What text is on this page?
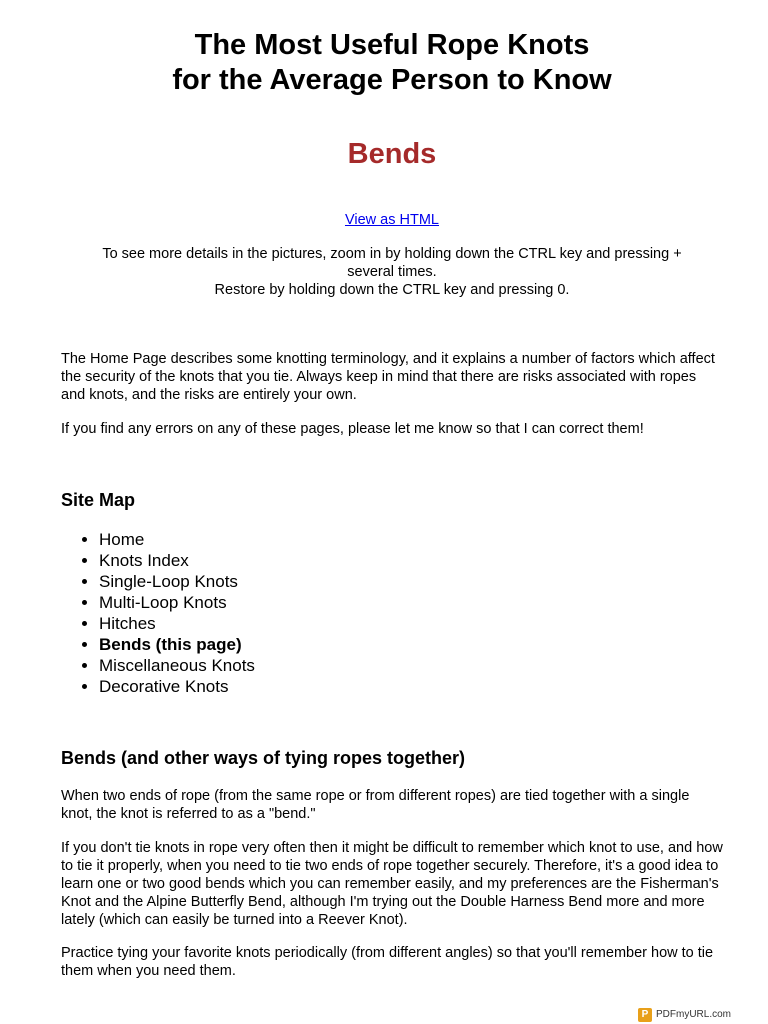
The Most Useful Rope Knots
for the Average Person to Know
Bends
View as HTML

To see more details in the pictures, zoom in by holding down the CTRL key and pressing +
several times.
Restore by holding down the CTRL key and pressing 0.

The Home Page describes some knotting terminology, and it explains a number of factors which affect the security of the knots that you tie. Always keep in mind that there are risks associated with ropes and knots, and the risks are entirely your own.

If you find any errors on any of these pages, please let me know so that I can correct them!

Site Map
• Home
• Knots Index
• Single-Loop Knots
• Multi-Loop Knots
• Hitches
• Bends (this page)
• Miscellaneous Knots
• Decorative Knots
Bends (and other ways of tying ropes together)

When two ends of rope (from the same rope or from different ropes) are tied together with a single knot, the knot is referred to as a "bend."

If you don't tie knots in rope very often then it might be difficult to remember which knot to use, and how to tie it properly, when you need to tie two ends of rope together securely. Therefore, it's a good idea to learn one or two good bends which you can remember easily, and my preferences are the Fisherman's Knot and the Alpine Butterfly Bend, although I'm trying out the Double Harness Bend more and more lately (which can easily be turned into a Reever Knot).

Practice tying your favorite knots periodically (from different angles) so that you'll remember how to tie them when you need them.

P PDFmyURL.com
